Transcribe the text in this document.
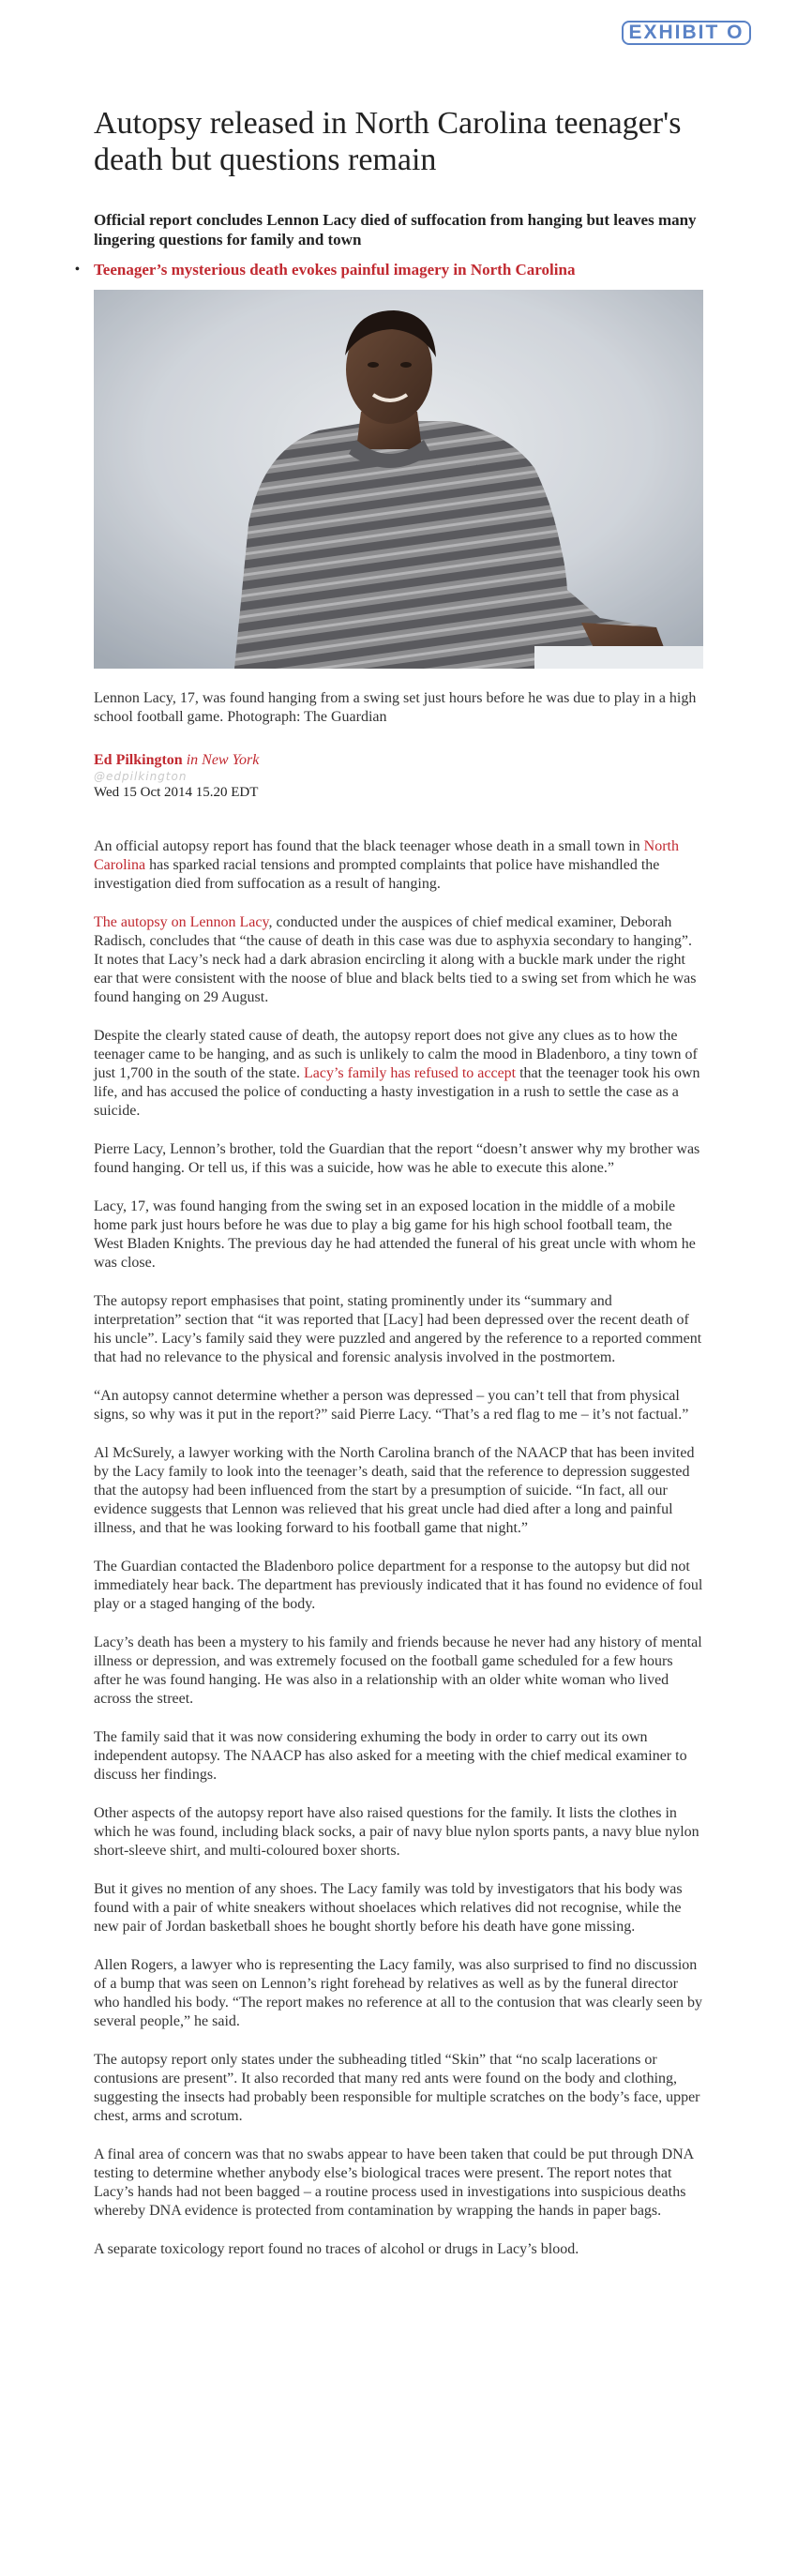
EXHIBIT O
Autopsy released in North Carolina teenager's death but questions remain

Official report concludes Lennon Lacy died of suffocation from hanging but leaves many lingering questions for family and town

• Teenager’s mysterious death evokes painful imagery in North Carolina

Lennon Lacy, 17, was found hanging from a swing set just hours before he was due to play in a high school football game. Photograph: The Guardian

Ed Pilkington in New York
@edpilkington
Wed 15 Oct 2014 15.20 EDT

An official autopsy report has found that the black teenager whose death in a small town in North Carolina has sparked racial tensions and prompted complaints that police have mishandled the investigation died from suffocation as a result of hanging.

The autopsy on Lennon Lacy, conducted under the auspices of chief medical examiner, Deborah Radisch, concludes that “the cause of death in this case was due to asphyxia secondary to hanging”. It notes that Lacy’s neck had a dark abrasion encircling it along with a buckle mark under the right ear that were consistent with the noose of blue and black belts tied to a swing set from which he was found hanging on 29 August.

Despite the clearly stated cause of death, the autopsy report does not give any clues as to how the teenager came to be hanging, and as such is unlikely to calm the mood in Bladenboro, a tiny town of just 1,700 in the south of the state. Lacy’s family has refused to accept that the teenager took his own life, and has accused the police of conducting a hasty investigation in a rush to settle the case as a suicide.

Pierre Lacy, Lennon’s brother, told the Guardian that the report “doesn’t answer why my brother was found hanging. Or tell us, if this was a suicide, how was he able to execute this alone.”

Lacy, 17, was found hanging from the swing set in an exposed location in the middle of a mobile home park just hours before he was due to play a big game for his high school football team, the West Bladen Knights. The previous day he had attended the funeral of his great uncle with whom he was close.

The autopsy report emphasises that point, stating prominently under its “summary and interpretation” section that “it was reported that [Lacy] had been depressed over the recent death of his uncle”. Lacy’s family said they were puzzled and angered by the reference to a reported comment that had no relevance to the physical and forensic analysis involved in the postmortem.

“An autopsy cannot determine whether a person was depressed – you can’t tell that from physical signs, so why was it put in the report?” said Pierre Lacy. “That’s a red flag to me – it’s not factual.”

Al McSurely, a lawyer working with the North Carolina branch of the NAACP that has been invited by the Lacy family to look into the teenager’s death, said that the reference to depression suggested that the autopsy had been influenced from the start by a presumption of suicide. “In fact, all our evidence suggests that Lennon was relieved that his great uncle had died after a long and painful illness, and that he was looking forward to his football game that night.”

The Guardian contacted the Bladenboro police department for a response to the autopsy but did not immediately hear back. The department has previously indicated that it has found no evidence of foul play or a staged hanging of the body.

Lacy’s death has been a mystery to his family and friends because he never had any history of mental illness or depression, and was extremely focused on the football game scheduled for a few hours after he was found hanging. He was also in a relationship with an older white woman who lived across the street.

The family said that it was now considering exhuming the body in order to carry out its own independent autopsy. The NAACP has also asked for a meeting with the chief medical examiner to discuss her findings.

Other aspects of the autopsy report have also raised questions for the family. It lists the clothes in which he was found, including black socks, a pair of navy blue nylon sports pants, a navy blue nylon short-sleeve shirt, and multi-coloured boxer shorts.

But it gives no mention of any shoes. The Lacy family was told by investigators that his body was found with a pair of white sneakers without shoelaces which relatives did not recognise, while the new pair of Jordan basketball shoes he bought shortly before his death have gone missing.

Allen Rogers, a lawyer who is representing the Lacy family, was also surprised to find no discussion of a bump that was seen on Lennon’s right forehead by relatives as well as by the funeral director who handled his body. “The report makes no reference at all to the contusion that was clearly seen by several people,” he said.

The autopsy report only states under the subheading titled “Skin” that “no scalp lacerations or contusions are present”. It also recorded that many red ants were found on the body and clothing, suggesting the insects had probably been responsible for multiple scratches on the body’s face, upper chest, arms and scrotum.

A final area of concern was that no swabs appear to have been taken that could be put through DNA testing to determine whether anybody else’s biological traces were present. The report notes that Lacy’s hands had not been bagged – a routine process used in investigations into suspicious deaths whereby DNA evidence is protected from contamination by wrapping the hands in paper bags.

A separate toxicology report found no traces of alcohol or drugs in Lacy’s blood.
